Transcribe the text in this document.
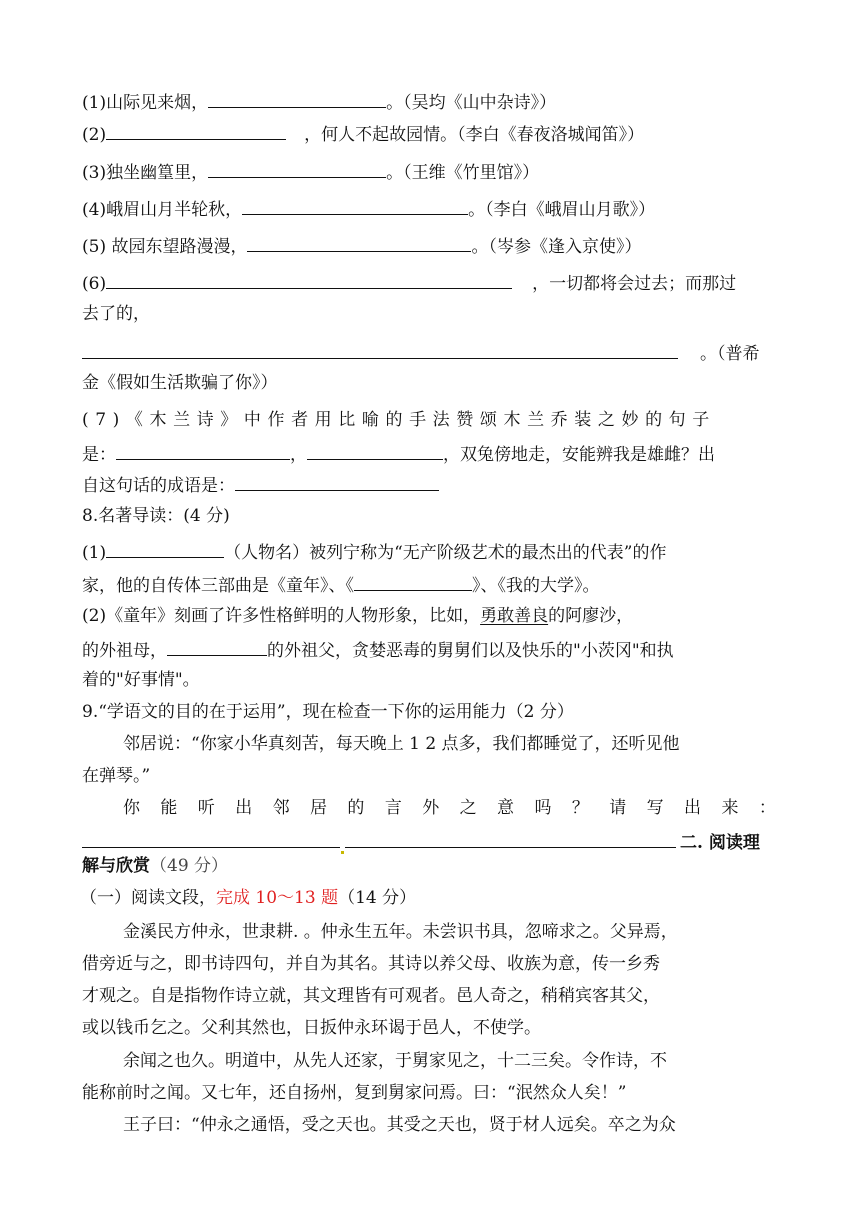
(1)山际见来烟，	。（吴均《山中杂诗》）
(2)	，何人不起故园情。（李白《春夜洛城闻笛》）
(3)独坐幽篁里，	。（王维《竹里馆》）
(4)峨眉山月半轮秋，	。（李白《峨眉山月歌》）
(5) 故园东望路漫漫，	。（岑参《逢入京使》）
(6)	，一切都将会过去；而那过
去了的，
。（普希
金《假如生活欺骗了你》）
(7)《木兰诗》中作者用比喻的手法赞颂木兰乔装之妙的句子
是：	，	，双兔傍地走，安能辨我是雄雌？出
自这句话的成语是：
8.名著导读：(4 分)
(1)	（人物名）被列宁称为“无产阶级艺术的最杰出的代表”的作
家，他的自传体三部曲是《童年》、《	》、《我的大学》。
(2)《童年》刻画了许多性格鲜明的人物形象，比如，勇敢善良的阿廖沙，
的外祖母，	的外祖父，贪婪恶毒的舅舅们以及快乐的"小茨冈"和执
着的"好事情"。
9.“学语文的目的在于运用”，现在检查一下你的运用能力（2 分）
邻居说：“你家小华真刻苦，每天晚上 1 2 点多，我们都睡觉了，还听见他
在弹琴。”
你 能 听 出 邻 居 的 言 外 之 意 吗 ？ 请 写 出 来 ：
二. 阅读理
解与欣赏（49 分）
（一）阅读文段，完成 10～13 题（14 分）
金溪民方仲永，世隶耕. 。仲永生五年。未尝识书具，忽啼求之。父异焉，
借旁近与之，即书诗四句，并自为其名。其诗以养父母、收族为意，传一乡秀
才观之。自是指物作诗立就，其文理皆有可观者。邑人奇之，稍稍宾客其父，
或以钱币乞之。父利其然也，日扳仲永环谒于邑人，不使学。
余闻之也久。明道中，从先人还家，于舅家见之，十二三矣。令作诗，不
能称前时之闻。又七年，还自扬州，复到舅家问焉。曰：“泯然众人矣！”
王子曰：“仲永之通悟，受之天也。其受之天也，贤于材人远矣。卒之为众
